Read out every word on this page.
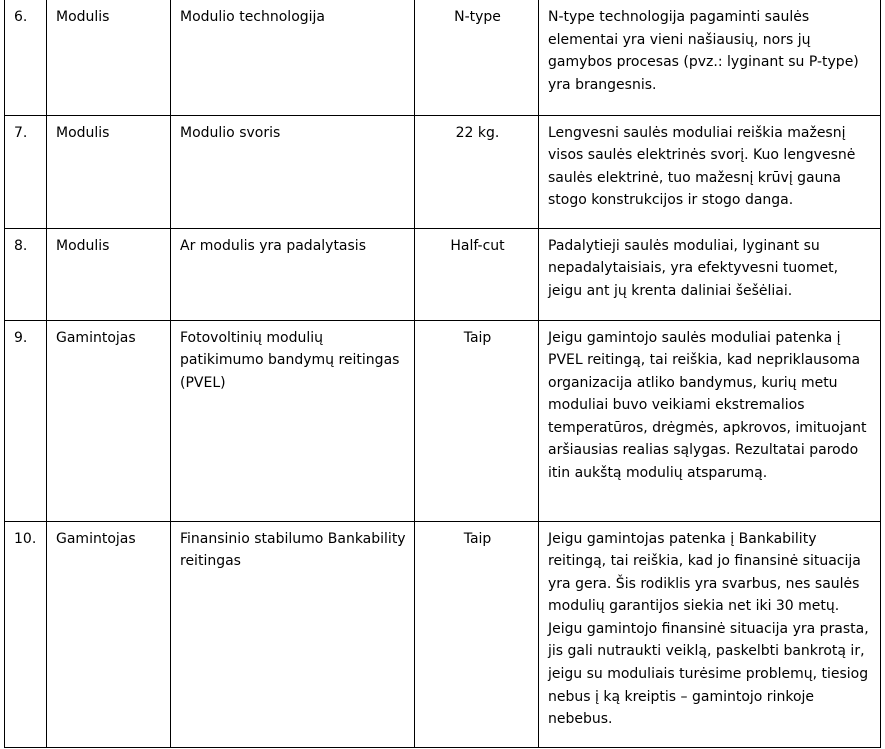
6.	Modulis	Modulio technologija	N-type	N-type technologija pagaminti saulės elementai yra vieni našiausių, nors jų gamybos procesas (pvz.: lyginant su P-type) yra brangesnis.
7.	Modulis	Modulio svoris	22 kg.	Lengvesni saulės moduliai reiškia mažesnį visos saulės elektrinės svorį. Kuo lengvesnė saulės elektrinė, tuo mažesnį krūvį gauna stogo konstrukcijos ir stogo danga.
8.	Modulis	Ar modulis yra padalytasis	Half-cut	Padalytieji saulės moduliai, lyginant su nepadalytaisiais, yra efektyvesni tuomet, jeigu ant jų krenta daliniai šešėliai.
9.	Gamintojas	Fotovoltinių modulių patikimumo bandymų reitingas (PVEL)	Taip	Jeigu gamintojo saulės moduliai patenka į PVEL reitingą, tai reiškia, kad nepriklausoma organizacija atliko bandymus, kurių metu moduliai buvo veikiami ekstremalios temperatūros, drėgmės, apkrovos, imituojant aršiausias realias sąlygas. Rezultatai parodo itin aukštą modulių atsparumą.
10.	Gamintojas	Finansinio stabilumo Bankability reitingas	Taip	Jeigu gamintojas patenka į Bankability reitingą, tai reiškia, kad jo finansinė situacija yra gera. Šis rodiklis yra svarbus, nes saulės modulių garantijos siekia net iki 30 metų. Jeigu gamintojo finansinė situacija yra prasta, jis gali nutraukti veiklą, paskelbti bankrotą ir, jeigu su moduliais turėsime problemų, tiesiog nebus į ką kreiptis – gamintojo rinkoje nebebus.
